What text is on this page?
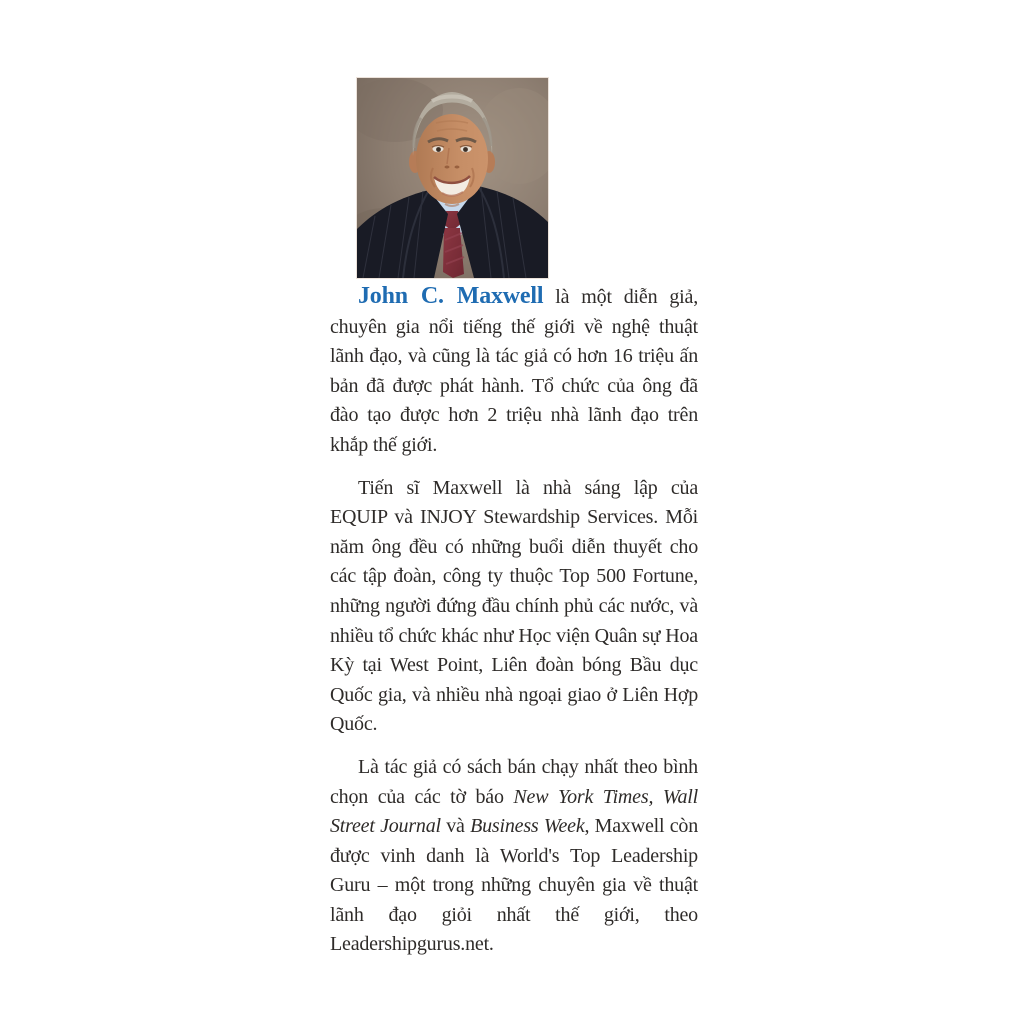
John C. Maxwell là một diễn giả, chuyên gia nổi tiếng thế giới về nghệ thuật lãnh đạo, và cũng là tác giả có hơn 16 triệu ấn bản đã được phát hành. Tổ chức của ông đã đào tạo được hơn 2 triệu nhà lãnh đạo trên khắp thế giới.

Tiến sĩ Maxwell là nhà sáng lập của EQUIP và INJOY Stewardship Services. Mỗi năm ông đều có những buổi diễn thuyết cho các tập đoàn, công ty thuộc Top 500 Fortune, những người đứng đầu chính phủ các nước, và nhiều tổ chức khác như Học viện Quân sự Hoa Kỳ tại West Point, Liên đoàn bóng Bầu dục Quốc gia, và nhiều nhà ngoại giao ở Liên Hợp Quốc.

Là tác giả có sách bán chạy nhất theo bình chọn của các tờ báo New York Times, Wall Street Journal và Business Week, Maxwell còn được vinh danh là World's Top Leadership Guru – một trong những chuyên gia về thuật lãnh đạo giỏi nhất thế giới, theo Leadershipgurus.net.
